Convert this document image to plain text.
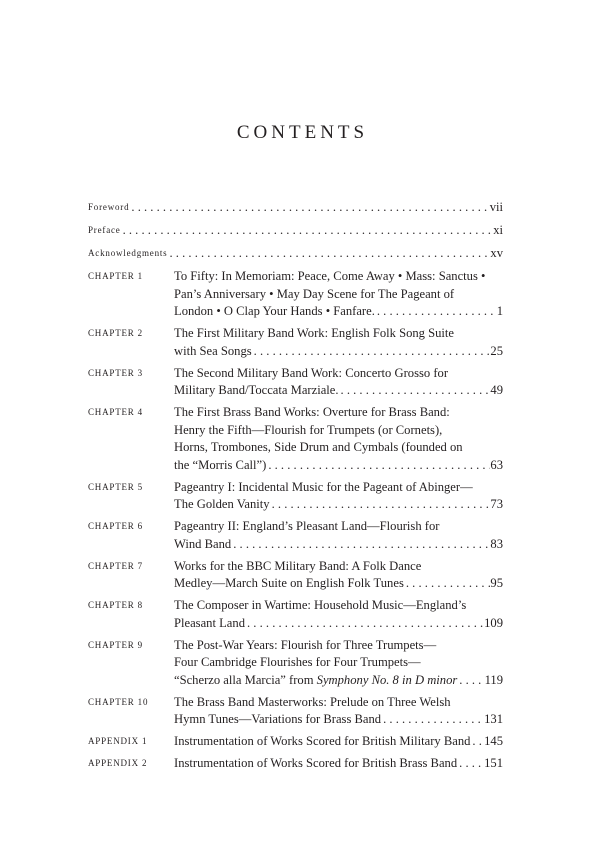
CONTENTS
Foreword . . .	vii
Preface . . .	xi
Acknowledgments . . .	xv
CHAPTER 1	To Fifty: In Memoriam: Peace, Come Away • Mass: Sanctus •
Pan’s Anniversary • May Day Scene for The Pageant of
London • O Clap Your Hands • Fanfare. . . .	1
CHAPTER 2	The First Military Band Work: English Folk Song Suite
with Sea Songs . . .	25
CHAPTER 3	The Second Military Band Work: Concerto Grosso for
Military Band/Toccata Marziale. . . .	49
CHAPTER 4	The First Brass Band Works: Overture for Brass Band:
Henry the Fifth—Flourish for Trumpets (or Cornets),
Horns, Trombones, Side Drum and Cymbals (founded on
the “Morris Call”) . . .	63
CHAPTER 5	Pageantry I: Incidental Music for the Pageant of Abinger—
The Golden Vanity . . .	73
CHAPTER 6	Pageantry II: England’s Pleasant Land—Flourish for
Wind Band . . .	83
CHAPTER 7	Works for the BBC Military Band: A Folk Dance
Medley—March Suite on English Folk Tunes . . .	95
CHAPTER 8	The Composer in Wartime: Household Music—England’s
Pleasant Land . . .	109
CHAPTER 9	The Post-War Years: Flourish for Three Trumpets—
Four Cambridge Flourishes for Four Trumpets—
“Scherzo alla Marcia” from Symphony No. 8 in D minor . . . 119
CHAPTER 10	The Brass Band Masterworks: Prelude on Three Welsh
Hymn Tunes—Variations for Brass Band . . .	131
APPENDIX 1	Instrumentation of Works Scored for British Military Band . . . 145
APPENDIX 2	Instrumentation of Works Scored for British Brass Band . . . 151
